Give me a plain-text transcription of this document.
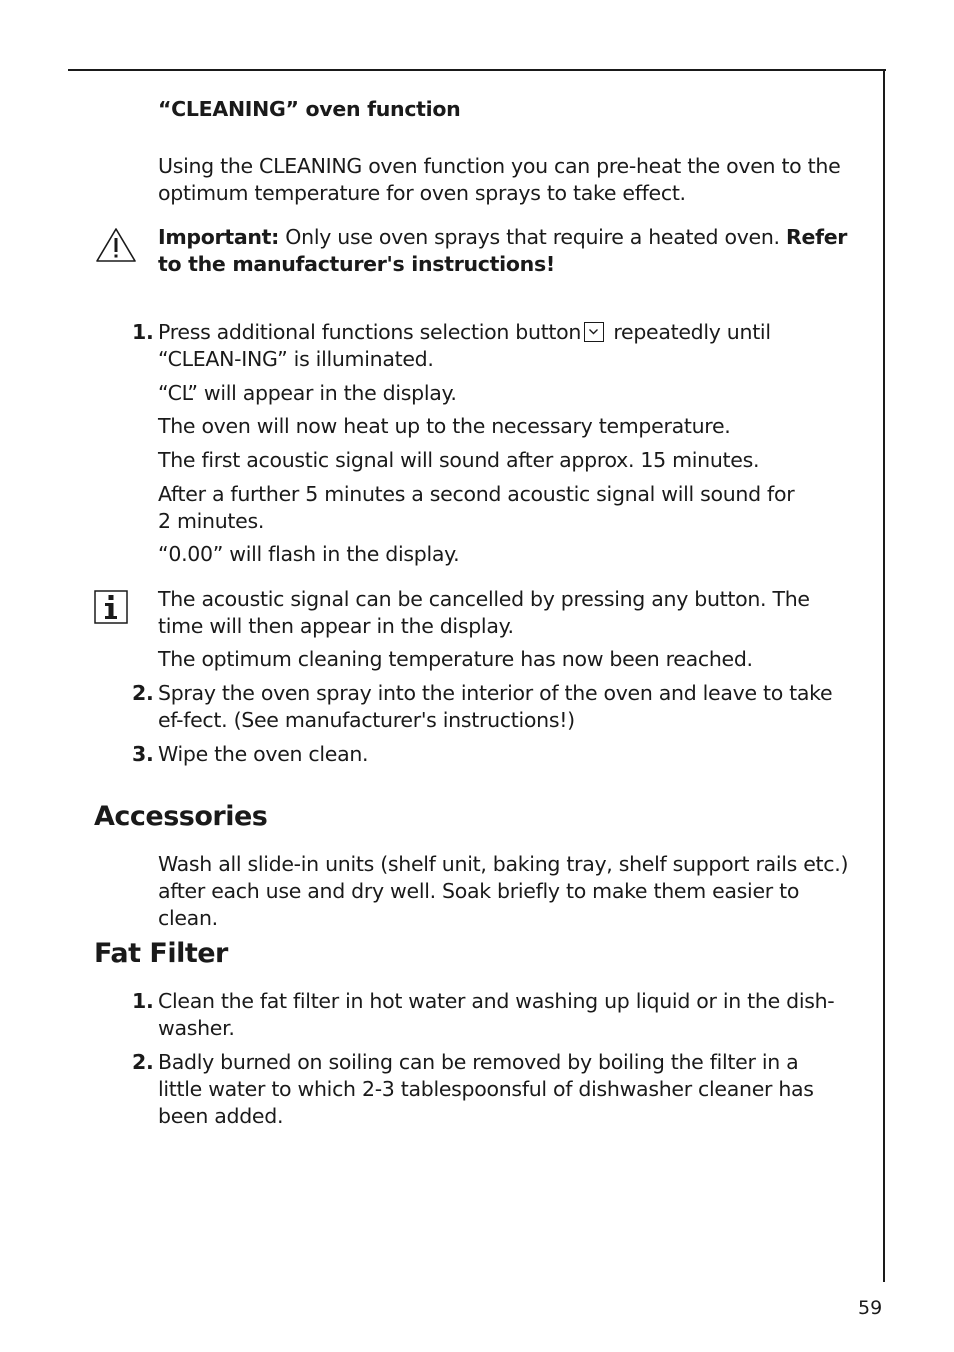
“CLEANING” oven function
Using the CLEANING oven function you can pre-heat the oven to the optimum temperature for oven sprays to take effect.
Important: Only use oven sprays that require a heated oven. Refer to the manufacturer's instructions!
1. Press additional functions selection button
repeatedly until “CLEAN-ING” is illuminated.
“CL” will appear in the display.
The oven will now heat up to the necessary temperature.
The first acoustic signal will sound after approx. 15 minutes.
After a further 5 minutes a second acoustic signal will sound for 2 minutes.
“0.00” will flash in the display.
The acoustic signal can be cancelled by pressing any button. The time will then appear in the display.
The optimum cleaning temperature has now been reached.
2. Spray the oven spray into the interior of the oven and leave to take ef-fect. (See manufacturer's instructions!)
3. Wipe the oven clean.
Accessories
Wash all slide-in units (shelf unit, baking tray, shelf support rails etc.) after each use and dry well. Soak briefly to make them easier to clean.
Fat Filter
1. Clean the fat filter in hot water and washing up liquid or in the dish-washer.
2. Badly burned on soiling can be removed by boiling the filter in a little water to which 2-3 tablespoonsful of dishwasher cleaner has been added.
59
